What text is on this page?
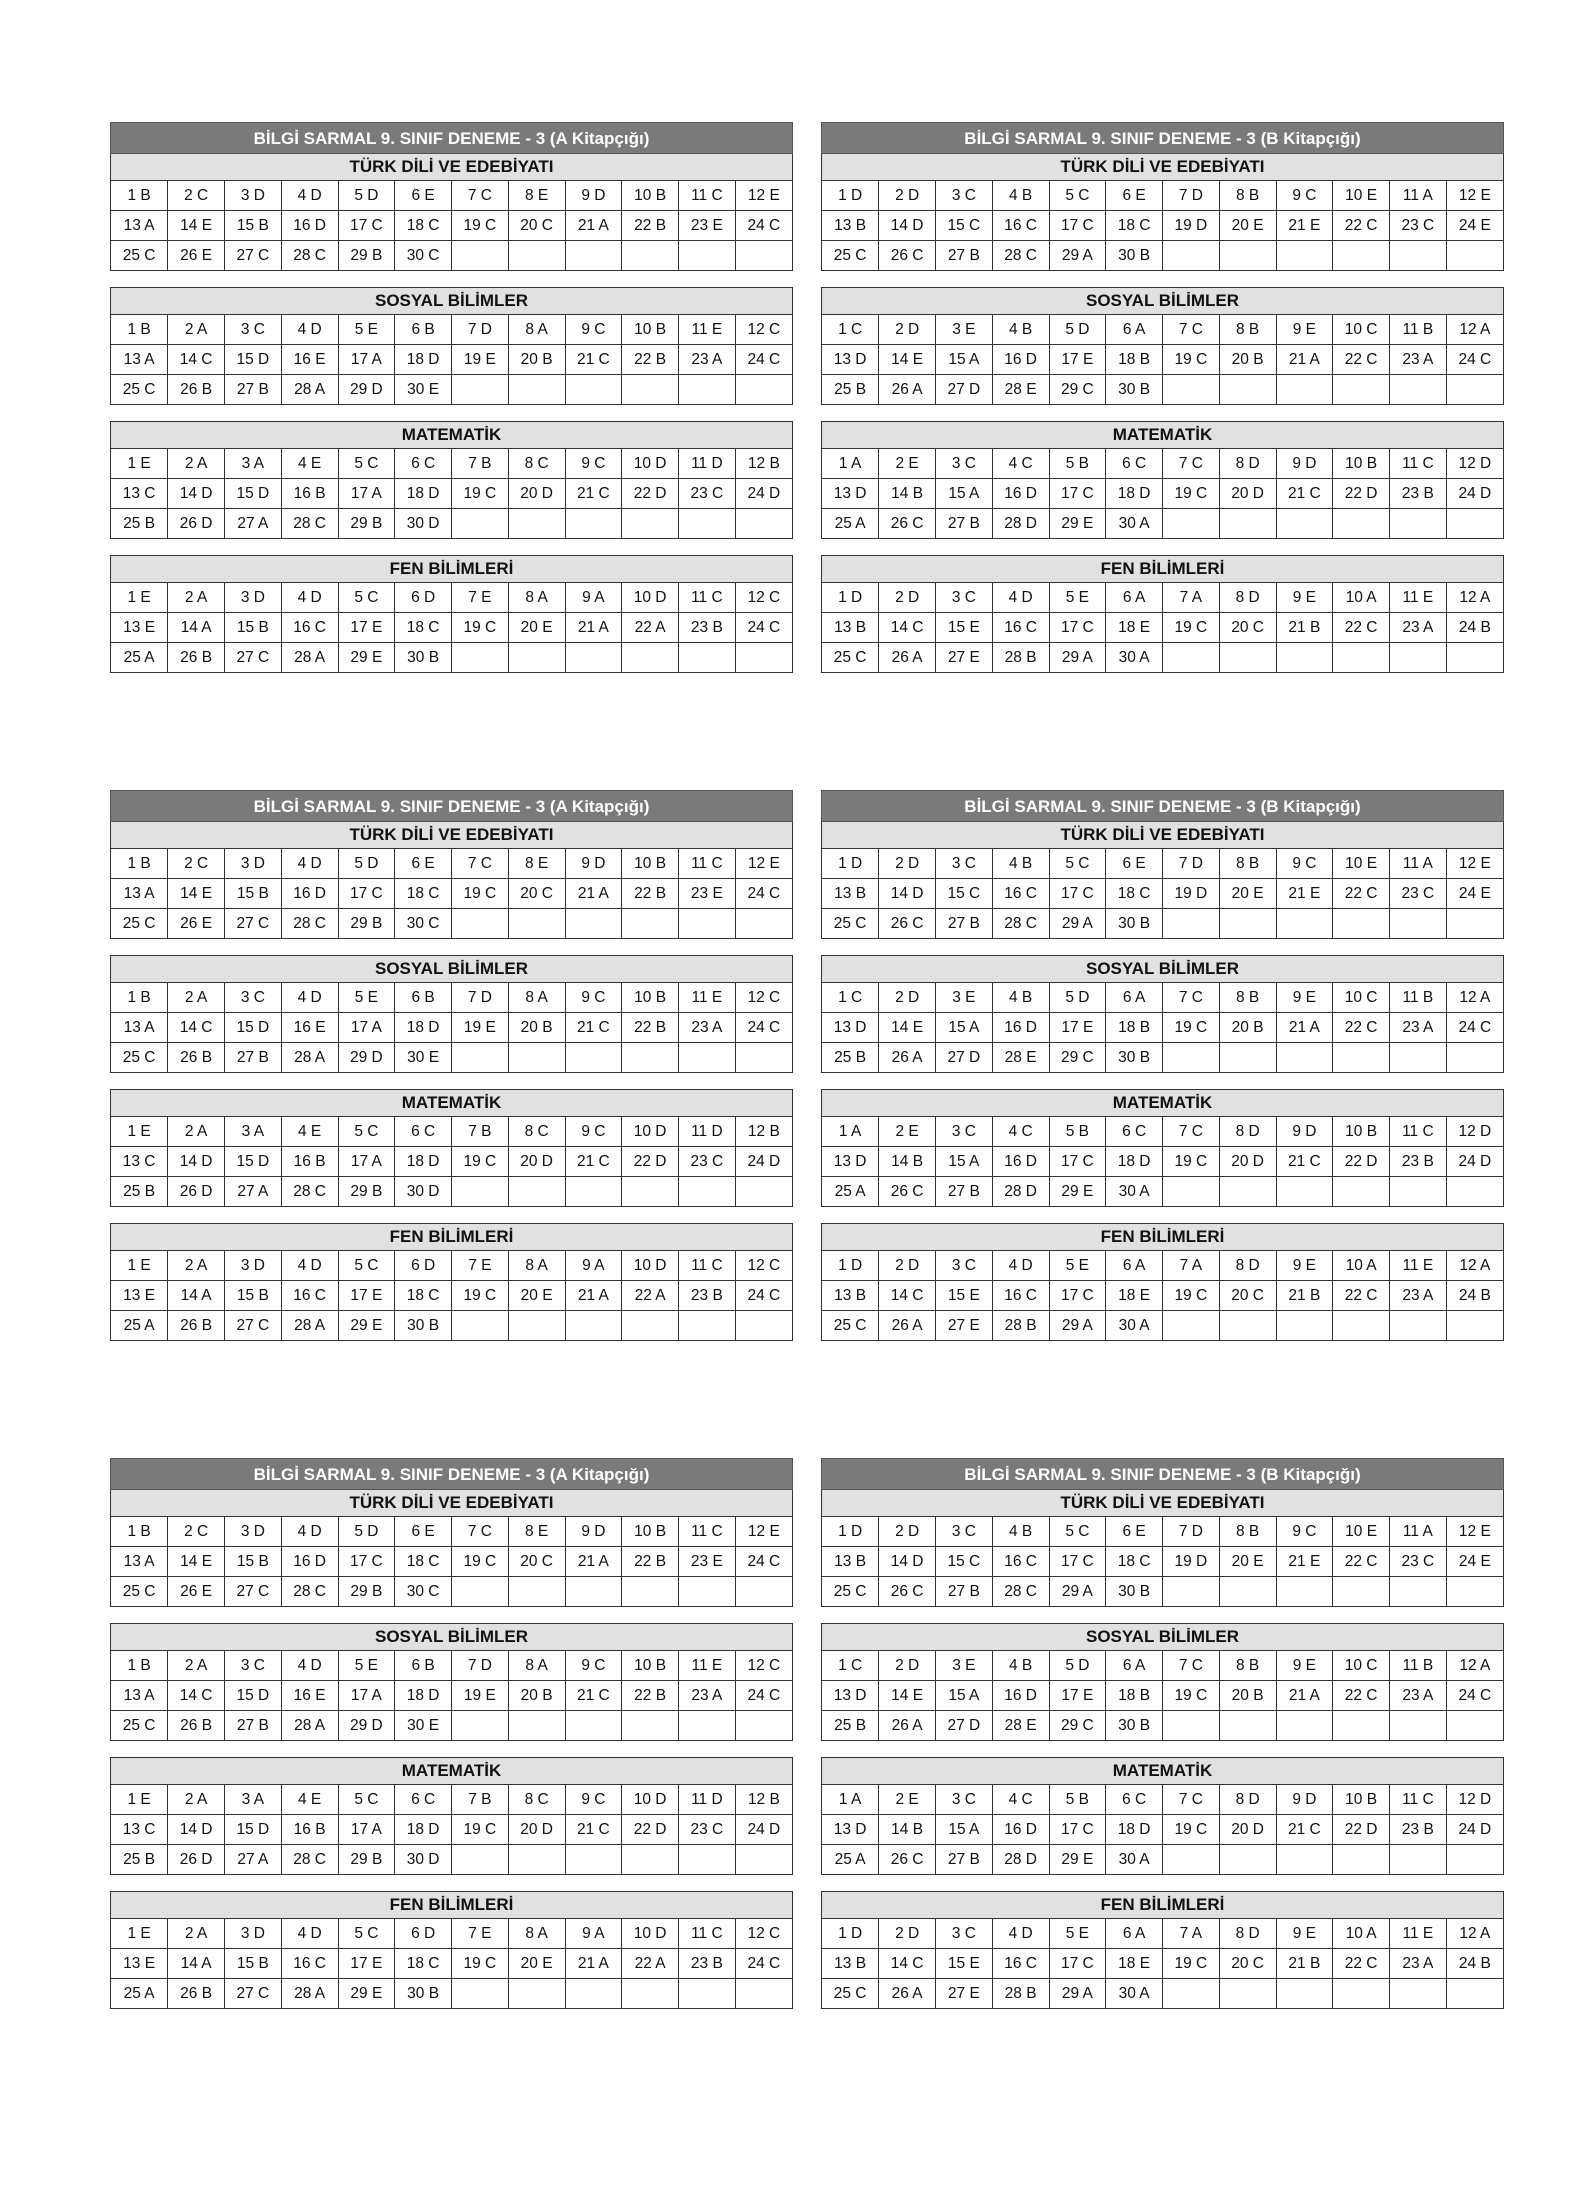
BİLGİ SARMAL 9. SINIF DENEME - 3 (A Kitapçığı)
TÜRK DİLİ VE EDEBİYATI
1 B	2 C	3 D	4 D	5 D	6 E	7 C	8 E	9 D	10 B	11 C	12 E
13 A	14 E	15 B	16 D	17 C	18 C	19 C	20 C	21 A	22 B	23 E	24 C
25 C	26 E	27 C	28 C	29 B	30 C						
SOSYAL BİLİMLER
1 B	2 A	3 C	4 D	5 E	6 B	7 D	8 A	9 C	10 B	11 E	12 C
13 A	14 C	15 D	16 E	17 A	18 D	19 E	20 B	21 C	22 B	23 A	24 C
25 C	26 B	27 B	28 A	29 D	30 E						
MATEMATİK
1 E	2 A	3 A	4 E	5 C	6 C	7 B	8 C	9 C	10 D	11 D	12 B
13 C	14 D	15 D	16 B	17 A	18 D	19 C	20 D	21 C	22 D	23 C	24 D
25 B	26 D	27 A	28 C	29 B	30 D						
FEN BİLİMLERİ
1 E	2 A	3 D	4 D	5 C	6 D	7 E	8 A	9 A	10 D	11 C	12 C
13 E	14 A	15 B	16 C	17 E	18 C	19 C	20 E	21 A	22 A	23 B	24 C
25 A	26 B	27 C	28 A	29 E	30 B						
BİLGİ SARMAL 9. SINIF DENEME - 3 (B Kitapçığı)
TÜRK DİLİ VE EDEBİYATI
1 D	2 D	3 C	4 B	5 C	6 E	7 D	8 B	9 C	10 E	11 A	12 E
13 B	14 D	15 C	16 C	17 C	18 C	19 D	20 E	21 E	22 C	23 C	24 E
25 C	26 C	27 B	28 C	29 A	30 B						
SOSYAL BİLİMLER
1 C	2 D	3 E	4 B	5 D	6 A	7 C	8 B	9 E	10 C	11 B	12 A
13 D	14 E	15 A	16 D	17 E	18 B	19 C	20 B	21 A	22 C	23 A	24 C
25 B	26 A	27 D	28 E	29 C	30 B						
MATEMATİK
1 A	2 E	3 C	4 C	5 B	6 C	7 C	8 D	9 D	10 B	11 C	12 D
13 D	14 B	15 A	16 D	17 C	18 D	19 C	20 D	21 C	22 D	23 B	24 D
25 A	26 C	27 B	28 D	29 E	30 A						
FEN BİLİMLERİ
1 D	2 D	3 C	4 D	5 E	6 A	7 A	8 D	9 E	10 A	11 E	12 A
13 B	14 C	15 E	16 C	17 C	18 E	19 C	20 C	21 B	22 C	23 A	24 B
25 C	26 A	27 E	28 B	29 A	30 A						
BİLGİ SARMAL 9. SINIF DENEME - 3 (A Kitapçığı)
TÜRK DİLİ VE EDEBİYATI
1 B	2 C	3 D	4 D	5 D	6 E	7 C	8 E	9 D	10 B	11 C	12 E
13 A	14 E	15 B	16 D	17 C	18 C	19 C	20 C	21 A	22 B	23 E	24 C
25 C	26 E	27 C	28 C	29 B	30 C						
SOSYAL BİLİMLER
1 B	2 A	3 C	4 D	5 E	6 B	7 D	8 A	9 C	10 B	11 E	12 C
13 A	14 C	15 D	16 E	17 A	18 D	19 E	20 B	21 C	22 B	23 A	24 C
25 C	26 B	27 B	28 A	29 D	30 E						
MATEMATİK
1 E	2 A	3 A	4 E	5 C	6 C	7 B	8 C	9 C	10 D	11 D	12 B
13 C	14 D	15 D	16 B	17 A	18 D	19 C	20 D	21 C	22 D	23 C	24 D
25 B	26 D	27 A	28 C	29 B	30 D						
FEN BİLİMLERİ
1 E	2 A	3 D	4 D	5 C	6 D	7 E	8 A	9 A	10 D	11 C	12 C
13 E	14 A	15 B	16 C	17 E	18 C	19 C	20 E	21 A	22 A	23 B	24 C
25 A	26 B	27 C	28 A	29 E	30 B						
BİLGİ SARMAL 9. SINIF DENEME - 3 (B Kitapçığı)
TÜRK DİLİ VE EDEBİYATI
1 D	2 D	3 C	4 B	5 C	6 E	7 D	8 B	9 C	10 E	11 A	12 E
13 B	14 D	15 C	16 C	17 C	18 C	19 D	20 E	21 E	22 C	23 C	24 E
25 C	26 C	27 B	28 C	29 A	30 B						
SOSYAL BİLİMLER
1 C	2 D	3 E	4 B	5 D	6 A	7 C	8 B	9 E	10 C	11 B	12 A
13 D	14 E	15 A	16 D	17 E	18 B	19 C	20 B	21 A	22 C	23 A	24 C
25 B	26 A	27 D	28 E	29 C	30 B						
MATEMATİK
1 A	2 E	3 C	4 C	5 B	6 C	7 C	8 D	9 D	10 B	11 C	12 D
13 D	14 B	15 A	16 D	17 C	18 D	19 C	20 D	21 C	22 D	23 B	24 D
25 A	26 C	27 B	28 D	29 E	30 A						
FEN BİLİMLERİ
1 D	2 D	3 C	4 D	5 E	6 A	7 A	8 D	9 E	10 A	11 E	12 A
13 B	14 C	15 E	16 C	17 C	18 E	19 C	20 C	21 B	22 C	23 A	24 B
25 C	26 A	27 E	28 B	29 A	30 A						
BİLGİ SARMAL 9. SINIF DENEME - 3 (A Kitapçığı)
TÜRK DİLİ VE EDEBİYATI
1 B	2 C	3 D	4 D	5 D	6 E	7 C	8 E	9 D	10 B	11 C	12 E
13 A	14 E	15 B	16 D	17 C	18 C	19 C	20 C	21 A	22 B	23 E	24 C
25 C	26 E	27 C	28 C	29 B	30 C						
SOSYAL BİLİMLER
1 B	2 A	3 C	4 D	5 E	6 B	7 D	8 A	9 C	10 B	11 E	12 C
13 A	14 C	15 D	16 E	17 A	18 D	19 E	20 B	21 C	22 B	23 A	24 C
25 C	26 B	27 B	28 A	29 D	30 E						
MATEMATİK
1 E	2 A	3 A	4 E	5 C	6 C	7 B	8 C	9 C	10 D	11 D	12 B
13 C	14 D	15 D	16 B	17 A	18 D	19 C	20 D	21 C	22 D	23 C	24 D
25 B	26 D	27 A	28 C	29 B	30 D						
FEN BİLİMLERİ
1 E	2 A	3 D	4 D	5 C	6 D	7 E	8 A	9 A	10 D	11 C	12 C
13 E	14 A	15 B	16 C	17 E	18 C	19 C	20 E	21 A	22 A	23 B	24 C
25 A	26 B	27 C	28 A	29 E	30 B						
BİLGİ SARMAL 9. SINIF DENEME - 3 (B Kitapçığı)
TÜRK DİLİ VE EDEBİYATI
1 D	2 D	3 C	4 B	5 C	6 E	7 D	8 B	9 C	10 E	11 A	12 E
13 B	14 D	15 C	16 C	17 C	18 C	19 D	20 E	21 E	22 C	23 C	24 E
25 C	26 C	27 B	28 C	29 A	30 B						
SOSYAL BİLİMLER
1 C	2 D	3 E	4 B	5 D	6 A	7 C	8 B	9 E	10 C	11 B	12 A
13 D	14 E	15 A	16 D	17 E	18 B	19 C	20 B	21 A	22 C	23 A	24 C
25 B	26 A	27 D	28 E	29 C	30 B						
MATEMATİK
1 A	2 E	3 C	4 C	5 B	6 C	7 C	8 D	9 D	10 B	11 C	12 D
13 D	14 B	15 A	16 D	17 C	18 D	19 C	20 D	21 C	22 D	23 B	24 D
25 A	26 C	27 B	28 D	29 E	30 A						
FEN BİLİMLERİ
1 D	2 D	3 C	4 D	5 E	6 A	7 A	8 D	9 E	10 A	11 E	12 A
13 B	14 C	15 E	16 C	17 C	18 E	19 C	20 C	21 B	22 C	23 A	24 B
25 C	26 A	27 E	28 B	29 A	30 A						
